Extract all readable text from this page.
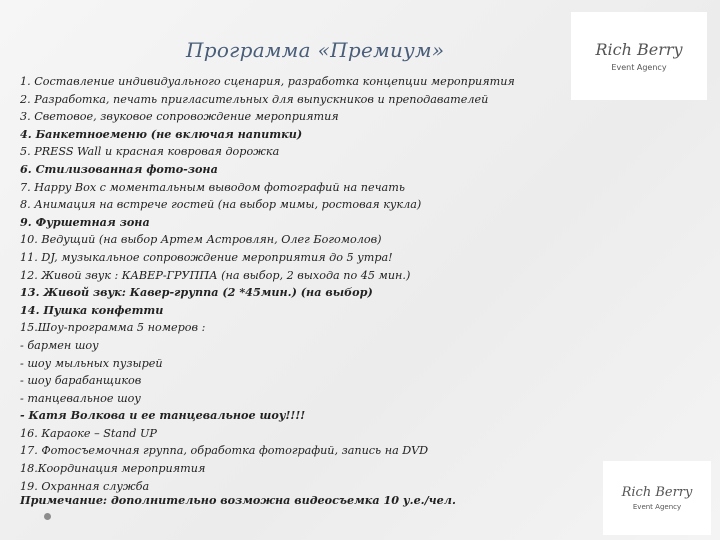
Программа «Премиум»	Rich Berry
Event Agency
1. Составление индивидуального сценария, разработка концепции мероприятия
2. Разработка, печать пригласительных для выпускников и преподавателей
3. Световое, звуковое сопровождение мероприятия
4. Банкетноеменю (не включая напитки)
5. PRESS Wall и красная ковровая дорожка
6. Стилизованная фото-зона
7. Happy Box с моментальным выводом фотографий на печать
8. Анимация на встрече гостей (на выбор мимы, ростовая кукла)
9. Фуршетная зона
10. Ведущий (на выбор Артем Астровлян, Олег Богомолов)
11. DJ, музыкальное сопровождение мероприятия до 5 утра!
12. Живой звук : КАВЕР-ГРУППА (на выбор, 2 выхода по 45 мин.)
13. Живой звук: Кавер-группа (2 *45мин.) (на выбор)
14. Пушка конфетти
15.Шоу-программа 5 номеров :
- бармен шоу
- шоу мыльных пузырей
- шоу барабанщиков
- танцевальное шоу
- Катя Волкова и ее танцевальное шоу!!!!
16. Караоке – Stand UP
17. Фотосъемочная группа, обработка фотографий, запись на DVD
18.Координация мероприятия
19. Охранная служба
Примечание: дополнительно возможна видеосъемка 10 у.е./чел.	Rich Berry
Event Agency
